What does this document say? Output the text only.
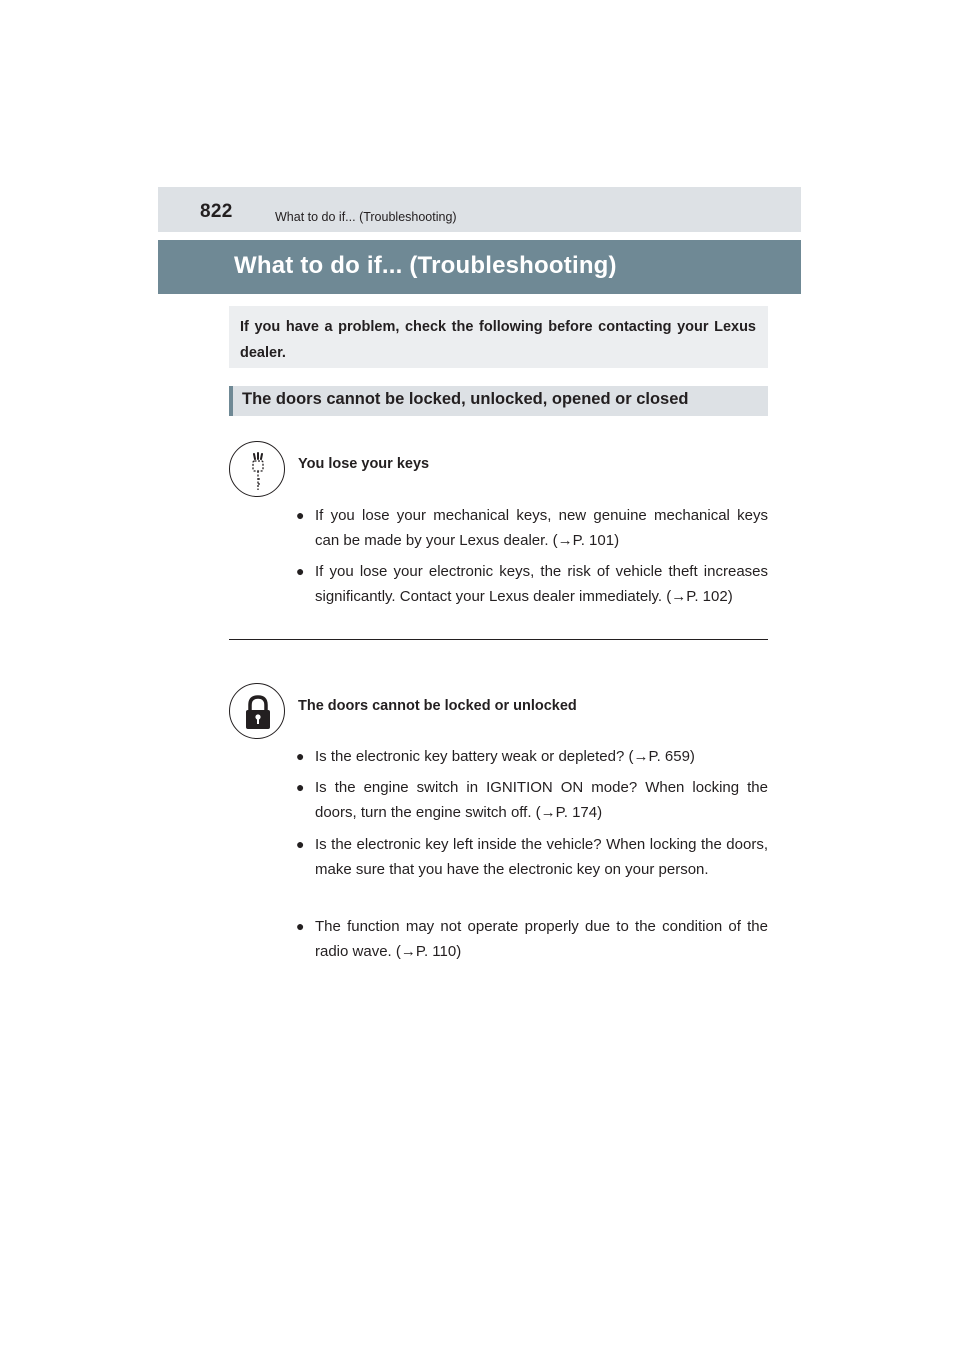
822	What to do if... (Troubleshooting)
What to do if... (Troubleshooting)
If you have a problem, check the following before contacting your Lexus dealer.
The doors cannot be locked, unlocked, opened or closed
You lose your keys
● If you lose your mechanical keys, new genuine mechanical keys can be made by your Lexus dealer. (→P. 101)
● If you lose your electronic keys, the risk of vehicle theft increases significantly. Contact your Lexus dealer immediately. (→P. 102)
The doors cannot be locked or unlocked
● Is the electronic key battery weak or depleted? (→P. 659)
● Is the engine switch in IGNITION ON mode? When locking the doors, turn the engine switch off. (→P. 174)
● Is the electronic key left inside the vehicle? When locking the doors, make sure that you have the electronic key on your person.
● The function may not operate properly due to the condition of the radio wave. (→P. 110)
